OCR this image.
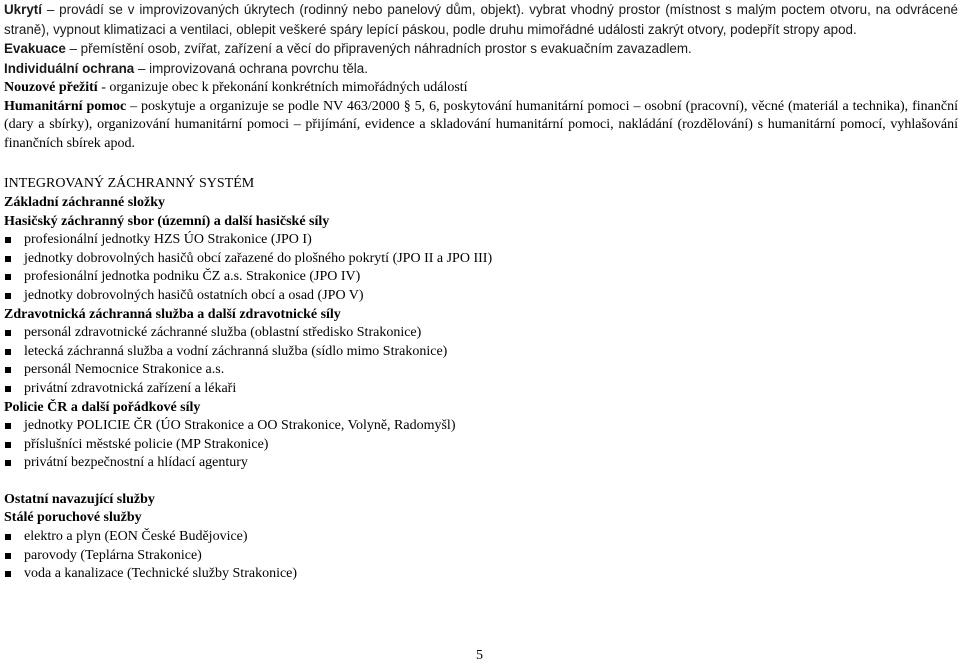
Ukrytí – provádí se v improvizovaných úkrytech (rodinný nebo panelový dům, objekt). vybrat vhodný prostor (místnost s malým poctem otvoru, na odvrácené straně), vypnout klimatizaci a ventilaci, oblepit veškeré spáry lepící páskou, podle druhu mimořádné události zakrýt otvory, podepřít stropy apod.

Evakuace – přemístění osob, zvířat, zařízení a věcí do připravených náhradních prostor s evakuačním zavazadlem.

Individuální ochrana – improvizovaná ochrana povrchu těla.

Nouzové přežití - organizuje obec k překonání konkrétních mimořádných událostí

Humanitární pomoc – poskytuje a organizuje se podle NV 463/2000 § 5, 6, poskytování humanitární pomoci – osobní (pracovní), věcné (materiál a technika), finanční (dary a sbírky), organizování humanitární pomoci – přijímání, evidence a skladování humanitární pomoci, nakládání (rozdělování) s humanitární pomocí, vyhlašování finančních sbírek apod.

INTEGROVANÝ ZÁCHRANNÝ SYSTÉM

Základní záchranné složky

Hasičský záchranný sbor (územní) a další hasičské síly

profesionální jednotky HZS ÚO Strakonice (JPO I)
jednotky dobrovolných hasičů obcí zařazené do plošného pokrytí (JPO II a JPO III)
profesionální jednotka podniku ČZ a.s. Strakonice (JPO IV)
jednotky dobrovolných hasičů ostatních obcí a osad (JPO V)

Zdravotnická záchranná služba a další zdravotnické síly

personál zdravotnické záchranné služba (oblastní středisko Strakonice)
letecká záchranná služba a vodní záchranná služba (sídlo mimo Strakonice)
personál Nemocnice Strakonice a.s.
privátní zdravotnická zařízení a lékaři

Policie ČR a další pořádkové síly

jednotky POLICIE ČR (ÚO Strakonice a OO Strakonice, Volyně, Radomyšl)
příslušníci městské policie (MP Strakonice)
privátní bezpečnostní a hlídací agentury

Ostatní navazující služby

Stálé poruchové služby

elektro a plyn (EON České Budějovice)
parovody (Teplárna Strakonice)
voda a kanalizace (Technické služby Strakonice)
5
